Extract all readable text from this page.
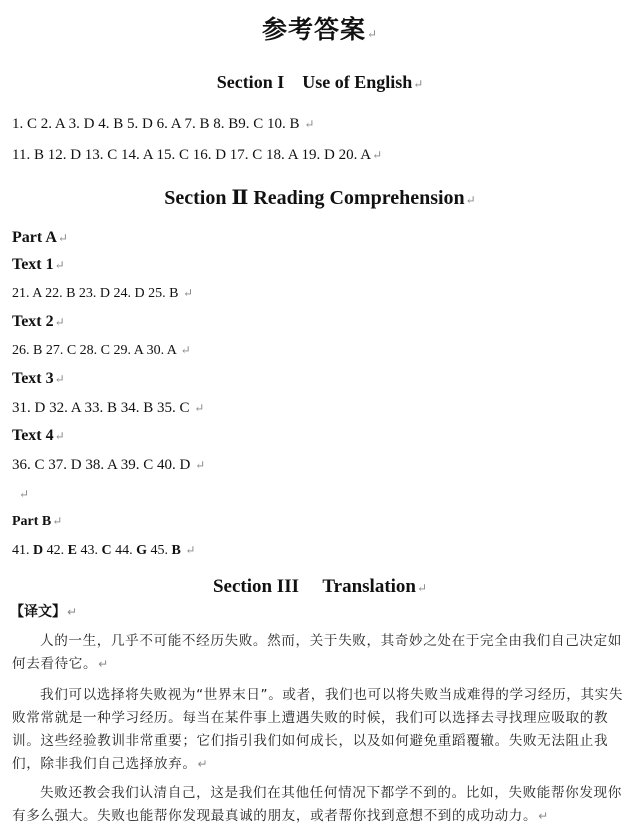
参考答案↵
Section I　Use of English↵
1. C 2. A 3. D 4. B 5. D 6. A 7. B 8. B9. C 10. B ↵
11. B 12. D 13. C 14. A 15. C 16. D 17. C 18. A 19. D 20. A↵
Section Ⅱ Reading Comprehension↵
Part A↵
Text 1↵
21. A 22. B 23. D 24. D 25. B ↵
Text 2↵
26. B 27. C 28. C 29. A 30. A ↵
Text 3↵
31. D 32. A 33. B 34. B 35. C ↵
Text 4↵
36. C 37. D 38. A 39. C 40. D ↵
↵
Part B↵
41. D 42. E 43. C 44. G 45. B ↵
Section III　 Translation↵
【译文】↵

人的一生，几乎不可能不经历失败。然而，关于失败，其奇妙之处在于完全由我们自己决定如何去看待它。↵

我们可以选择将失败视为“世界末日”。或者，我们也可以将失败当成难得的学习经历，其实失败常常就是一种学习经历。每当在某件事上遭遇失败的时候，我们可以选择去寻找理应吸取的教训。这些经验教训非常重要；它们指引我们如何成长，以及如何避免重蹈覆辙。失败无法阻止我们，除非我们自己选择放弃。↵

失败还教会我们认清自己，这是我们在其他任何情况下都学不到的。比如，失败能帮你发现你有多么强大。失败也能帮你发现最真诚的朋友，或者帮你找到意想不到的成功动力。↵
